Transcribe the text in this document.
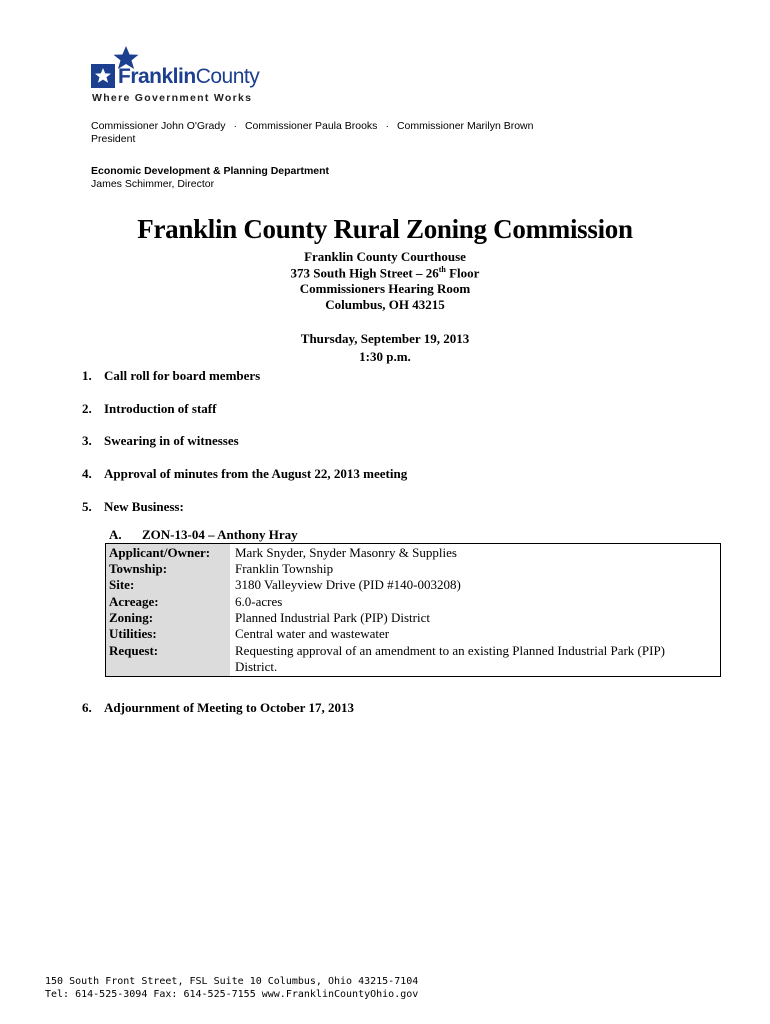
FranklinCounty
Where Government Works
Commissioner John O'Grady · Commissioner Paula Brooks · Commissioner Marilyn Brown
President
Economic Development & Planning Department
James Schimmer, Director
Franklin County Rural Zoning Commission
Franklin County Courthouse
373 South High Street – 26th Floor
Commissioners Hearing Room
Columbus, OH 43215
Thursday, September 19, 2013
1:30 p.m.
1. Call roll for board members
2. Introduction of staff
3. Swearing in of witnesses
4. Approval of minutes from the August 22, 2013 meeting
5. New Business:
A. ZON-13-04 – Anthony Hray
Applicant/Owner: Mark Snyder, Snyder Masonry & Supplies
Township:	Franklin Township
Site:	3180 Valleyview Drive (PID #140-003208)
Acreage:	6.0-acres
Zoning:	Planned Industrial Park (PIP) District
Utilities:	Central water and wastewater
Request:	Requesting approval of an amendment to an existing Planned Industrial Park (PIP)
District.
6. Adjournment of Meeting to October 17, 2013
150 South Front Street, FSL Suite 10 Columbus, Ohio 43215-7104
Tel: 614-525-3094 Fax: 614-525-7155 www.FranklinCountyOhio.gov
